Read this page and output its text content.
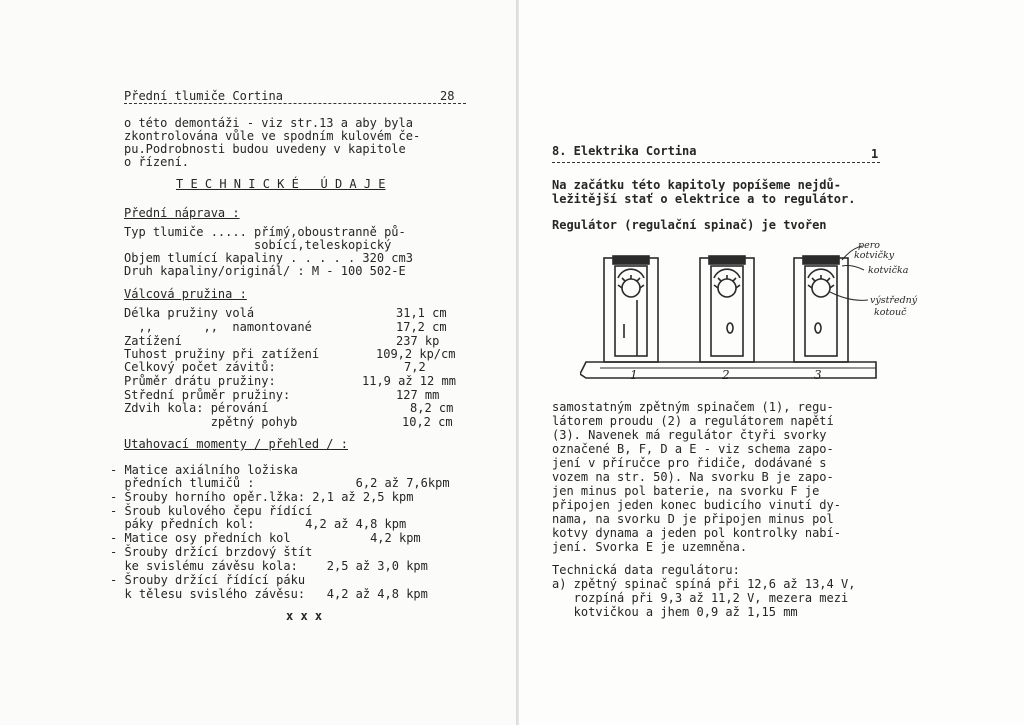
Přední tlumiče Cortina	28
o této demontáži - viz str.13 a aby byla
zkontrolována vůle ve spodním kulovém če-
pu.Podrobnosti budou uvedeny v kapitole
o řízení.
T E C H N I C K É   Ú D A J E
Přední náprava :
Typ tlumiče ..... přímý,oboustranně pů-
sobící,teleskopický
Objem tlumící kapaliny . . . . . 320 cm3
Druh kapaliny/originál/ : M - 100 502-E
Válcová pružina :
Délka pružiny volá	31,1 cm
,,       ,,  namontované	17,2 cm
Zatížení	237 kp
Tuhost pružiny při zatížení	109,2 kp/cm
Celkový počet závitů:	7,2
Průměr drátu pružiny:	11,9 až 12 mm
Střední průměr pružiny:	127 mm
Zdvih kola: pérování	8,2 cm
zpětný pohyb	10,2 cm
Utahovací momenty / přehled / :
- Matice axiálního ložiska
předních tlumičů :              6,2 až 7,6kpm
- Šrouby horního opěr.lžka: 2,1 až 2,5 kpm
- Šroub kulového čepu řídící
páky předních kol:       4,2 až 4,8 kpm
- Matice osy předních kol           4,2 kpm
- Šrouby držící brzdový štít
ke svislému závěsu kola:    2,5 až 3,0 kpm
- Šrouby držící řídící páku
k tělesu svislého závěsu:   4,2 až 4,8 kpm
x x x
8. Elektrika Cortina	1
Na začátku této kapitoly popíšeme nejdů-
ležitější stať o elektrice a to regulátor.
Regulátor (regulační spinač) je tvořen
pero
kotvičky
kotvička
výstředný
kotouč
1	2	3
samostatným zpětným spinačem (1), regu-
látorem proudu (2) a regulátorem napětí
(3). Navenek má regulátor čtyři svorky
označené B, F, D a E - viz schema zapo-
jení v příručce pro řidiče, dodávané s
vozem na str. 50). Na svorku B je zapo-
jen minus pol baterie, na svorku F je
připojen jeden konec budicího vinutí dy-
nama, na svorku D je připojen minus pol
kotvy dynama a jeden pol kontrolky nabí-
jení. Svorka E je uzemněna.
Technická data regulátoru:
a) zpětný spinač spíná při 12,6 až 13,4 V,
rozpíná při 9,3 až 11,2 V, mezera mezi
kotvičkou a jhem 0,9 až 1,15 mm
